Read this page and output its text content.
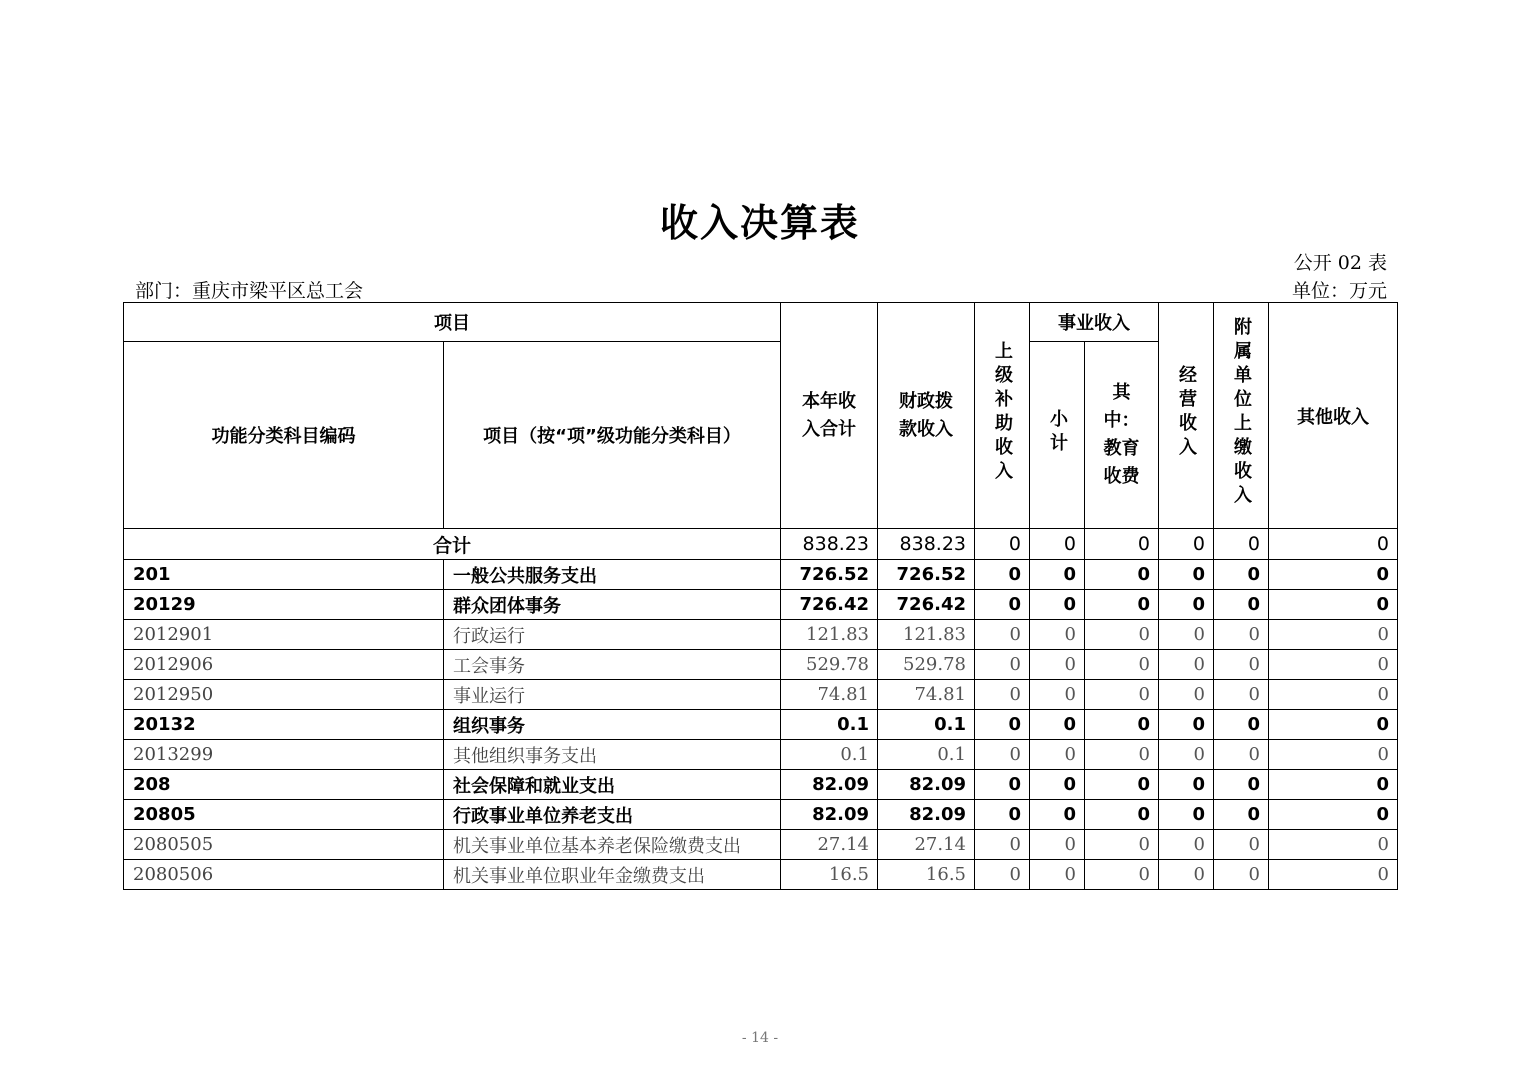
收入决算表
公开 02 表
部门：重庆市梁平区总工会	单位：万元
项目		本年收入合计	财政拨款收入	上级补助收入	事业收入		经营收入	附属单位上缴收入	其他收入
功能分类科目编码	项目（按“项”级功能分类科目）				小计	其中：教育收费			
合计		838.23	838.23	0	0	0	0	0	0
201	一般公共服务支出	726.52	726.52	0	0	0	0	0	0
20129	群众团体事务	726.42	726.42	0	0	0	0	0	0
2012901	行政运行	121.83	121.83	0	0	0	0	0	0
2012906	工会事务	529.78	529.78	0	0	0	0	0	0
2012950	事业运行	74.81	74.81	0	0	0	0	0	0
20132	组织事务	0.1	0.1	0	0	0	0	0	0
2013299	其他组织事务支出	0.1	0.1	0	0	0	0	0	0
208	社会保障和就业支出	82.09	82.09	0	0	0	0	0	0
20805	行政事业单位养老支出	82.09	82.09	0	0	0	0	0	0
2080505	机关事业单位基本养老保险缴费支出	27.14	27.14	0	0	0	0	0	0
2080506	机关事业单位职业年金缴费支出	16.5	16.5	0	0	0	0	0	0
- 14 -
